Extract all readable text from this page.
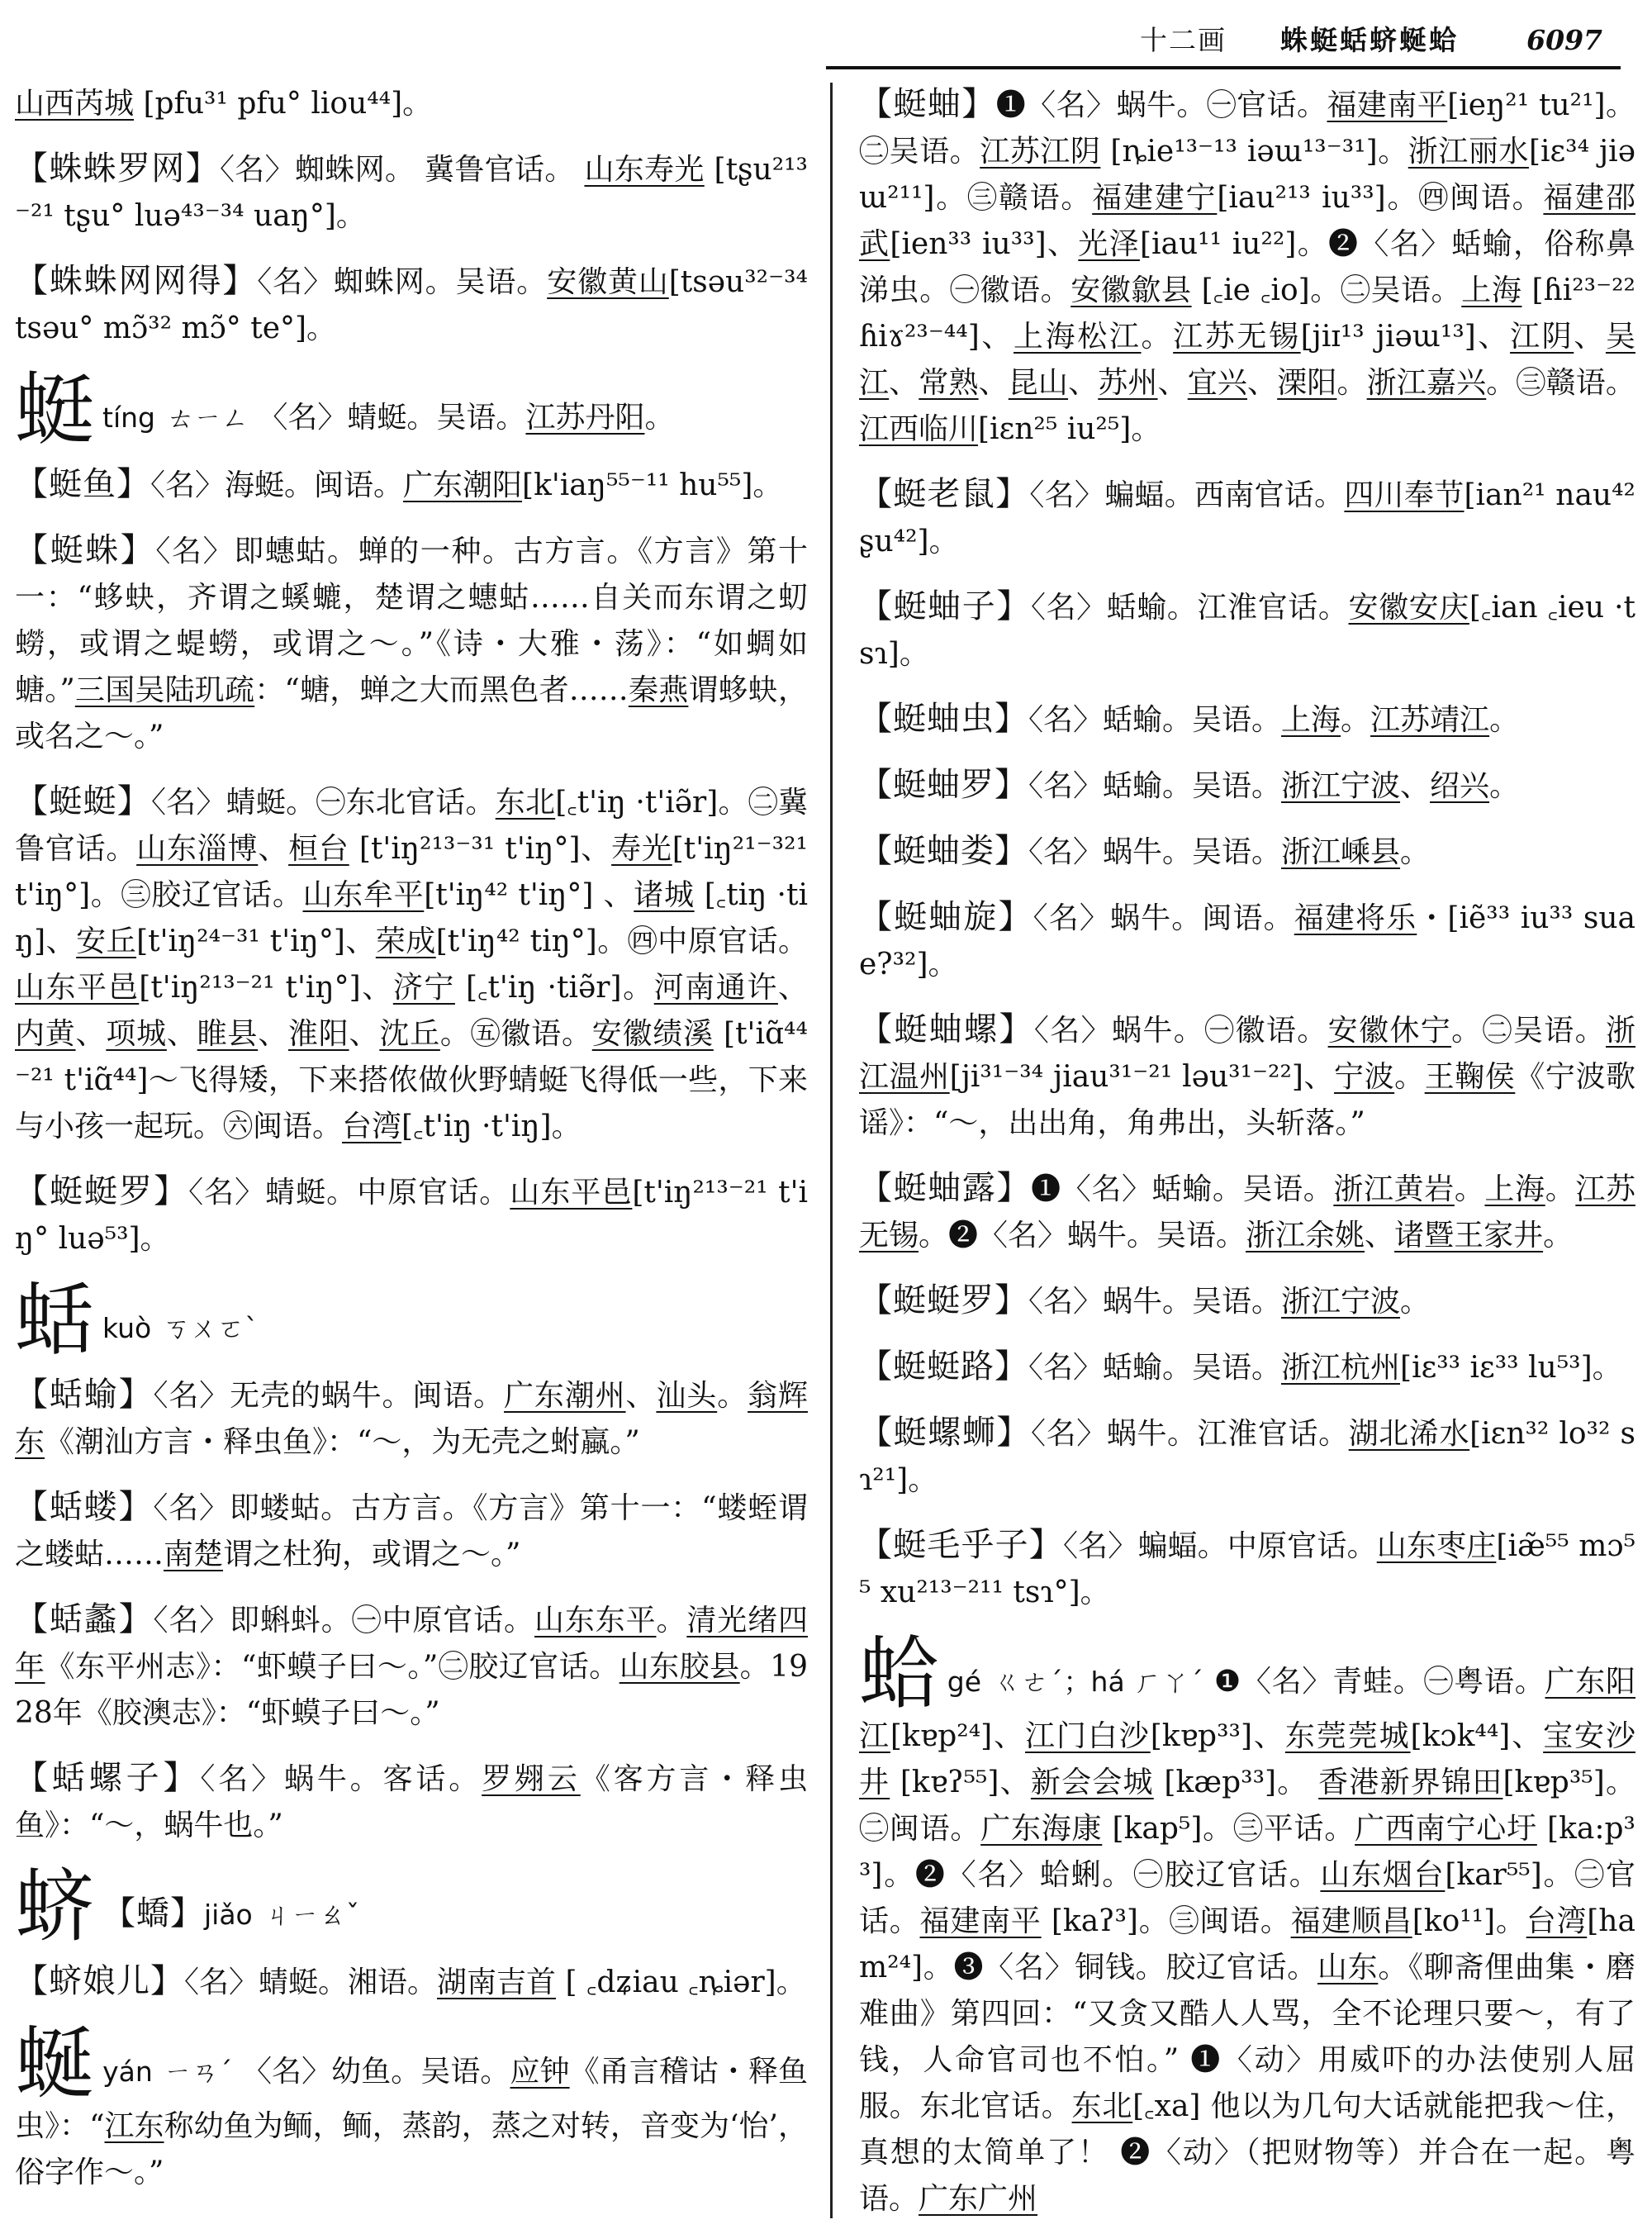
十二画 蛛蜓蛞蛴蜒蛤 6097
山西芮城 [pfu³¹ pfu° liou⁴⁴]。
【蛛蛛罗网】〈名〉蜘蛛网。 冀鲁官话。 山东寿光 [tʂu²¹³⁻²¹ tʂu° luə⁴³⁻³⁴ uaŋ°]。
【蛛蛛网网得】〈名〉蜘蛛网。吴语。安徽黄山[tsəu³²⁻³⁴ tsəu° mɔ̃³² mɔ̃° te°]。
蜓tíng ㄊㄧㄥ 〈名〉蜻蜓。吴语。江苏丹阳。
【蜓鱼】〈名〉海蜓。闽语。广东潮阳[k'iaŋ⁵⁵⁻¹¹ hu⁵⁵]。
【蜓蛛】〈名〉即蟪蛄。蝉的一种。古方言。《方言》第十一：“蛥蚗，齐谓之螇螰，楚谓之蟪蛄……自关而东谓之虭蟧，或谓之蝭蟧，或谓之～。”《诗・大雅・荡》：“如蜩如螗。”三国吴陆玑疏：“螗，蝉之大而黑色者……秦燕谓蛥蚗，或名之～。”
【蜓蜓】〈名〉蜻蜓。㊀东北官话。东北[꜀t'iŋ ·t'iə̃r]。㊁冀鲁官话。山东淄博、桓台 [t'iŋ²¹³⁻³¹ t'iŋ°]、寿光[t'iŋ²¹⁻³²¹ t'iŋ°]。㊂胶辽官话。山东牟平[t'iŋ⁴² t'iŋ°] 、诸城 [꜀tiŋ ·tiŋ]、安丘[t'iŋ²⁴⁻³¹ t'iŋ°]、荣成[t'iŋ⁴² tiŋ°]。㊃中原官话。山东平邑[t'iŋ²¹³⁻²¹ t'iŋ°]、济宁 [꜀t'iŋ ·tiə̃r]。河南通许、内黄、项城、睢县、淮阳、沈丘。㊄徽语。安徽绩溪 [t'iɑ̃⁴⁴⁻²¹ t'iɑ̃⁴⁴]～飞得矮，下来搭侬做伙野蜻蜓飞得低一些，下来与小孩一起玩。㊅闽语。台湾[꜀t'iŋ ·t'iŋ]。
【蜓蜓罗】〈名〉蜻蜓。中原官话。山东平邑[t'iŋ²¹³⁻²¹ t'iŋ° luə⁵³]。
蛞kuò ㄎㄨㄛˋ
【蛞蝓】〈名〉无壳的蜗牛。闽语。广东潮州、汕头。翁辉东《潮汕方言・释虫鱼》：“～，为无壳之蚹蠃。”
【蛞蝼】〈名〉即蝼蛄。古方言。《方言》第十一：“蝼蛭谓之蝼蛄……南楚谓之杜狗，或谓之～。”
【蛞蠡】〈名〉即蝌蚪。㊀中原官话。山东东平。清光绪四年《东平州志》：“虾蟆子曰～。”㊁胶辽官话。山东胶县。1928年《胶澳志》：“虾蟆子曰～。”
【蛞螺子】〈名〉蜗牛。客话。罗翙云《客方言・释虫鱼》：“～，蜗牛也。”
蛴 【蟜】jiǎo ㄐㄧㄠˇ
【蛴娘儿】〈名〉蜻蜓。湘语。湖南吉首 [ ꜀dʑiau ꜀ȵiər]。
蜒yán ㄧㄢˊ 〈名〉幼鱼。吴语。应钟《甬言稽诂・释鱼虫》：“江东称幼鱼为鲕，鲕，蒸韵，蒸之对转，音变为‘怡’，俗字作～。”
【蜓蚰】❶〈名〉蜗牛。㊀官话。福建南平[ieŋ²¹ tu²¹]。㊁吴语。江苏江阴 [ȵie¹³⁻¹³ iəɯ¹³⁻³¹]。浙江丽水[iɛ³⁴ jiəɯ²¹¹]。㊂赣语。福建建宁[iau²¹³ iu³³]。㊃闽语。福建邵武[ien³³ iu³³]、光泽[iau¹¹ iu²²]。❷〈名〉蛞蝓，俗称鼻涕虫。㊀徽语。安徽歙县 [꜀ie ꜀io]。㊁吴语。上海 [ɦi²³⁻²² ɦiɤ²³⁻⁴⁴]、上海松江。江苏无锡[jiɪ¹³ jiəɯ¹³]、江阴、吴江、常熟、昆山、苏州、宜兴、溧阳。浙江嘉兴。㊂赣语。江西临川[iɛn²⁵ iu²⁵]。
【蜓老鼠】〈名〉蝙蝠。西南官话。四川奉节[ian²¹ nau⁴² ʂu⁴²]。
【蜓蚰子】〈名〉蛞蝓。江淮官话。安徽安庆[꜀ian ꜀ieu ·tsɿ]。
【蜓蚰虫】〈名〉蛞蝓。吴语。上海。江苏靖江。
【蜓蚰罗】〈名〉蛞蝓。吴语。浙江宁波、绍兴。
【蜓蚰娄】〈名〉蜗牛。吴语。浙江嵊县。
【蜓蚰旋】〈名〉蜗牛。闽语。福建将乐・[iẽ³³ iu³³ suae?³²]。
【蜓蚰螺】〈名〉蜗牛。㊀徽语。安徽休宁。㊁吴语。浙江温州[ji³¹⁻³⁴ jiau³¹⁻²¹ ləu³¹⁻²²]、宁波。王鞠侯《宁波歌谣》：“～，出出角，角弗出，头斩落。”
【蜓蚰露】❶〈名〉蛞蝓。吴语。浙江黄岩。上海。江苏无锡。❷〈名〉蜗牛。吴语。浙江余姚、诸暨王家井。
【蜓蜓罗】〈名〉蜗牛。吴语。浙江宁波。
【蜓蜓路】〈名〉蛞蝓。吴语。浙江杭州[iɛ³³ iɛ³³ lu⁵³]。
【蜓螺蛳】〈名〉蜗牛。江淮官话。湖北浠水[iɛn³² lo³² sɿ²¹]。
【蜓毛乎子】〈名〉蝙蝠。中原官话。山东枣庄[iæ̃⁵⁵ mɔ⁵⁵ xu²¹³⁻²¹¹ tsɿ°]。
蛤gé ㄍㄜˊ；há ㄏㄚˊ ❶〈名〉青蛙。㊀粤语。广东阳江[kɐp²⁴]、江门白沙[kɐp³³]、东莞莞城[kɔk⁴⁴]、宝安沙井 [kɐʔ⁵⁵]、新会会城 [kæp³³]。 香港新界锦田[kɐp³⁵]。㊁闽语。广东海康 [kap⁵]。㊂平话。广西南宁心圩 [ka:p³³]。❷〈名〉蛤蜊。㊀胶辽官话。山东烟台[kar⁵⁵]。㊁官话。福建南平 [kaʔ³]。㊂闽语。福建顺昌[ko¹¹]。台湾[ham²⁴]。❸〈名〉铜钱。胶辽官话。山东。《聊斋俚曲集・磨难曲》第四回：“又贪又酷人人骂，全不论理只要～，有了钱，人命官司也不怕。” ❶〈动〉用威吓的办法使别人屈服。东北官话。东北[꜀xa] 他以为几句大话就能把我～住，真想的太简单了！ ❷〈动〉（把财物等）并合在一起。粤语。广东广州
